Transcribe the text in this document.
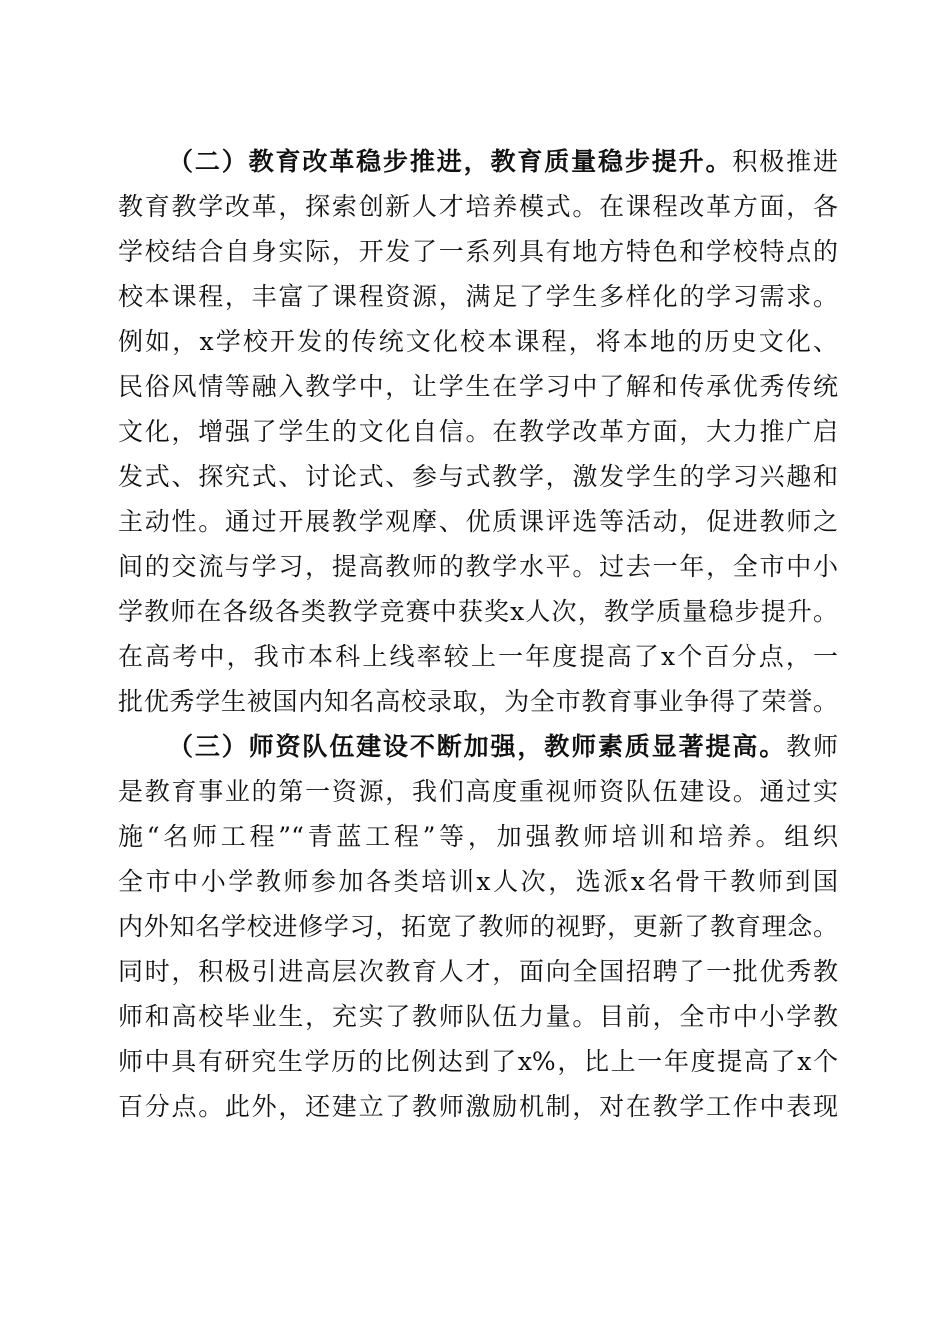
（二）教育改革稳步推进，教育质量稳步提升。积极推进
教育教学改革，探索创新人才培养模式。在课程改革方面，各
学校结合自身实际，开发了一系列具有地方特色和学校特点的
校本课程，丰富了课程资源，满足了学生多样化的学习需求。
例如，x学校开发的传统文化校本课程，将本地的历史文化、
民俗风情等融入教学中，让学生在学习中了解和传承优秀传统
文化，增强了学生的文化自信。在教学改革方面，大力推广启
发式、探究式、讨论式、参与式教学，激发学生的学习兴趣和
主动性。通过开展教学观摩、优质课评选等活动，促进教师之
间的交流与学习，提高教师的教学水平。过去一年，全市中小
学教师在各级各类教学竞赛中获奖x人次，教学质量稳步提升。
在高考中，我市本科上线率较上一年度提高了x个百分点，一
批优秀学生被国内知名高校录取，为全市教育事业争得了荣誉。
（三）师资队伍建设不断加强，教师素质显著提高。教师
是教育事业的第一资源，我们高度重视师资队伍建设。通过实
施“名师工程”“青蓝工程”等，加强教师培训和培养。组织
全市中小学教师参加各类培训x人次，选派x名骨干教师到国
内外知名学校进修学习，拓宽了教师的视野，更新了教育理念。
同时，积极引进高层次教育人才，面向全国招聘了一批优秀教
师和高校毕业生，充实了教师队伍力量。目前，全市中小学教
师中具有研究生学历的比例达到了x%，比上一年度提高了x个
百分点。此外，还建立了教师激励机制，对在教学工作中表现
